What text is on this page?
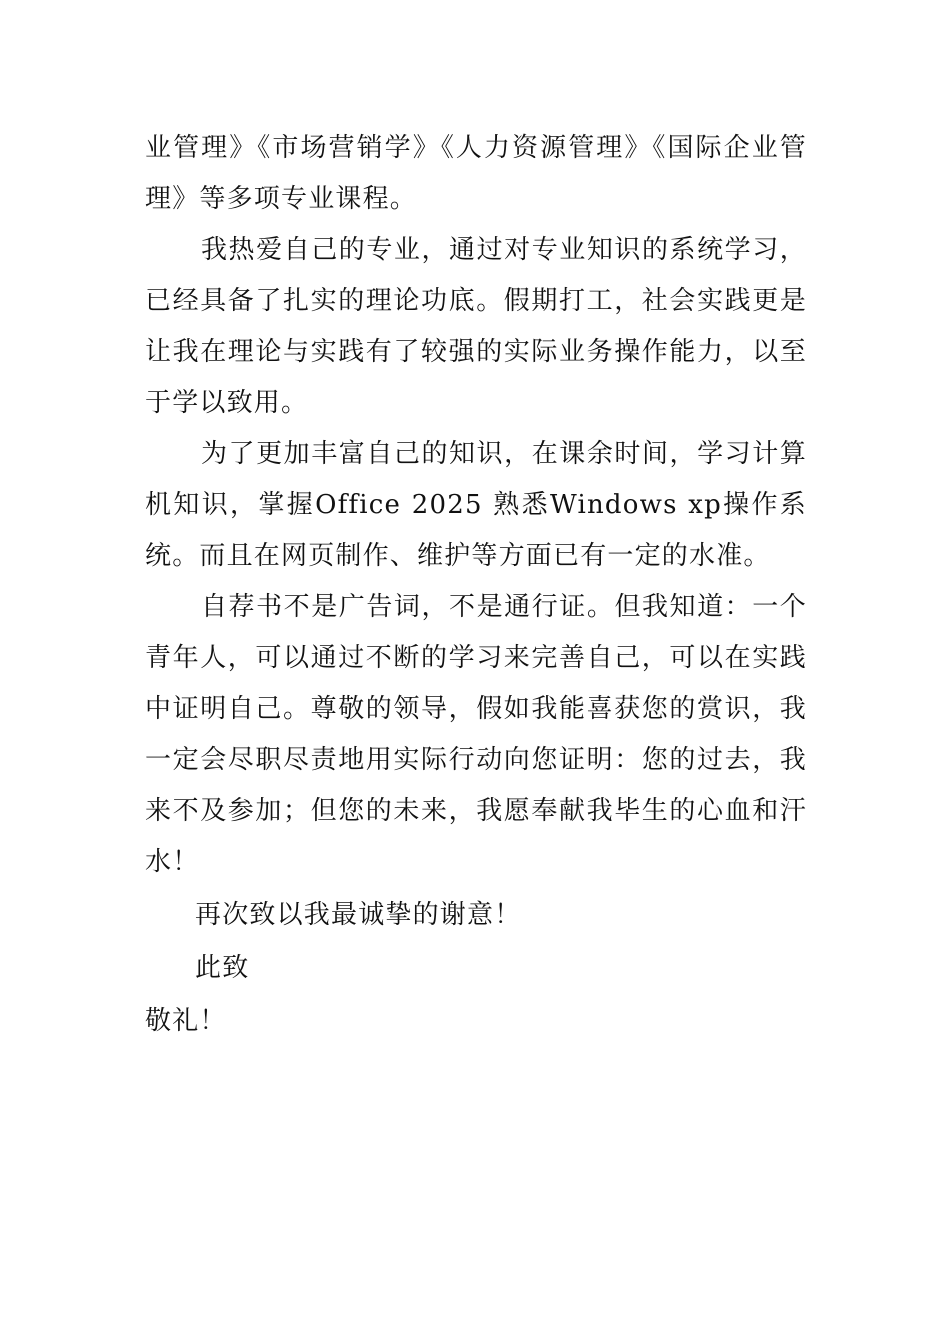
业管理》《市场营销学》《人力资源管理》《国际企业管理》等多项专业课程。

我热爱自己的专业，通过对专业知识的系统学习，已经具备了扎实的理论功底。假期打工，社会实践更是让我在理论与实践有了较强的实际业务操作能力，以至于学以致用。

为了更加丰富自己的知识，在课余时间，学习计算机知识，掌握Office 2025 熟悉Windows xp操作系统。而且在网页制作、维护等方面已有一定的水准。

自荐书不是广告词，不是通行证。但我知道：一个青年人，可以通过不断的学习来完善自己，可以在实践中证明自己。尊敬的领导，假如我能喜获您的赏识，我一定会尽职尽责地用实际行动向您证明：您的过去，我来不及参加；但您的未来，我愿奉献我毕生的心血和汗水！

再次致以我最诚挚的谢意！

此致

敬礼！
